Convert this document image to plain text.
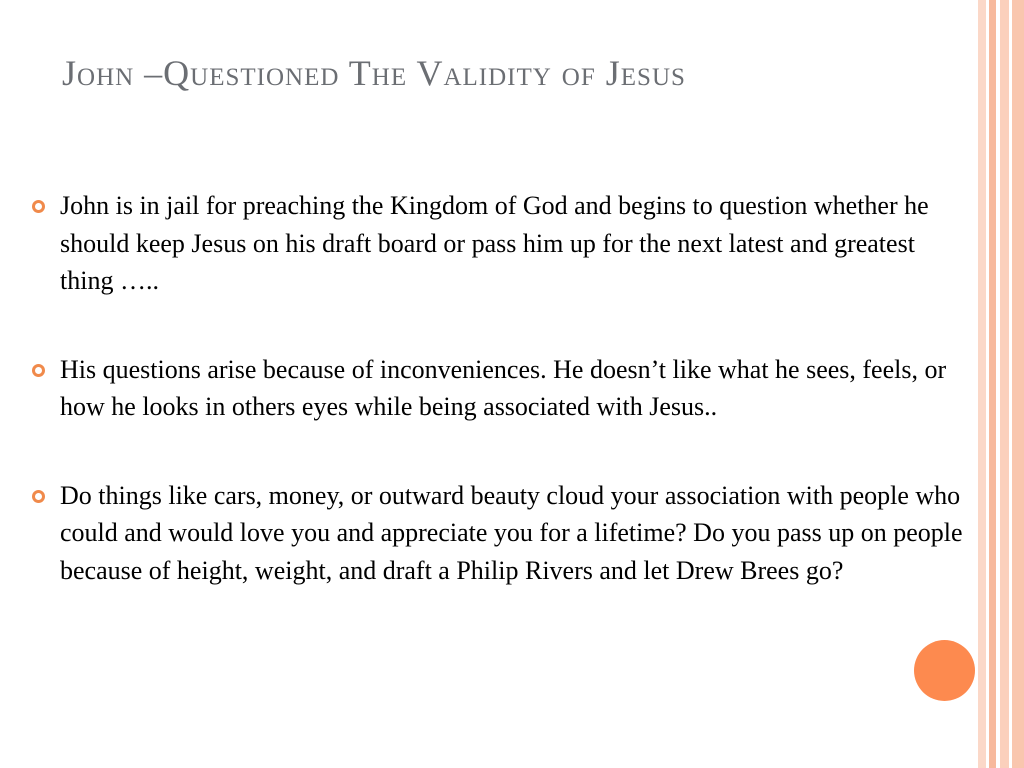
John –Questioned The Validity of Jesus
John is in jail for preaching the Kingdom of God and begins to question whether he should keep Jesus on his draft board or pass him up for the next latest and greatest thing …..
His questions arise because of inconveniences. He doesn’t like what he sees, feels, or how he looks in others eyes while being associated with Jesus..
Do things like cars, money, or outward beauty cloud your association with people who could and would love you and appreciate you for a lifetime? Do you pass up on people because of height, weight, and draft a Philip Rivers and let Drew Brees go?
